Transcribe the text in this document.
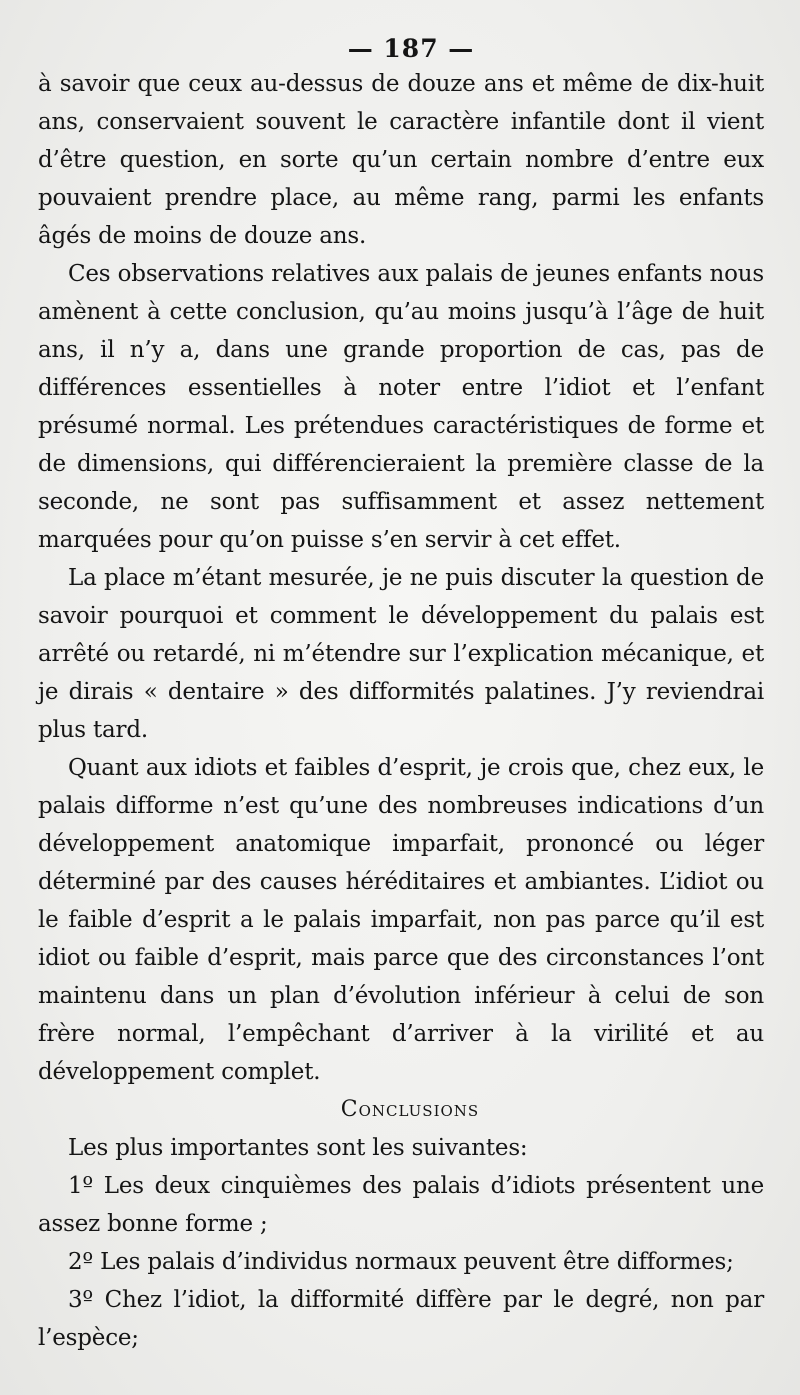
— 187 —

à savoir que ceux au-dessus de douze ans et même de dix-huit ans, conservaient souvent le caractère infantile dont il vient d’être question, en sorte qu’un certain nombre d’entre eux pouvaient prendre place, au même rang, parmi les enfants âgés de moins de douze ans.

Ces observations relatives aux palais de jeunes enfants nous amènent à cette conclusion, qu’au moins jusqu’à l’âge de huit ans, il n’y a, dans une grande proportion de cas, pas de différences essentielles à noter entre l’idiot et l’enfant présumé normal. Les prétendues caractéristiques de forme et de dimensions, qui différencieraient la première classe de la seconde, ne sont pas suffisamment et assez nettement marquées pour qu’on puisse s’en servir à cet effet.

La place m’étant mesurée, je ne puis discuter la question de savoir pourquoi et comment le développement du palais est arrêté ou retardé, ni m’étendre sur l’explication mécanique, et je dirais « dentaire » des difformités palatines. J’y reviendrai plus tard.

Quant aux idiots et faibles d’esprit, je crois que, chez eux, le palais difforme n’est qu’une des nombreuses indications d’un développement anatomique imparfait, prononcé ou léger déterminé par des causes héréditaires et ambiantes. L’idiot ou le faible d’esprit a le palais imparfait, non pas parce qu’il est idiot ou faible d’esprit, mais parce que des circonstances l’ont maintenu dans un plan d’évolution inférieur à celui de son frère normal, l’empêchant d’arriver à la virilité et au développement complet.

Conclusions

Les plus importantes sont les suivantes:

1º Les deux cinquièmes des palais d’idiots présentent une assez bonne forme ;

2º Les palais d’individus normaux peuvent être difformes;

3º Chez l’idiot, la difformité diffère par le degré, non par l’espèce;
